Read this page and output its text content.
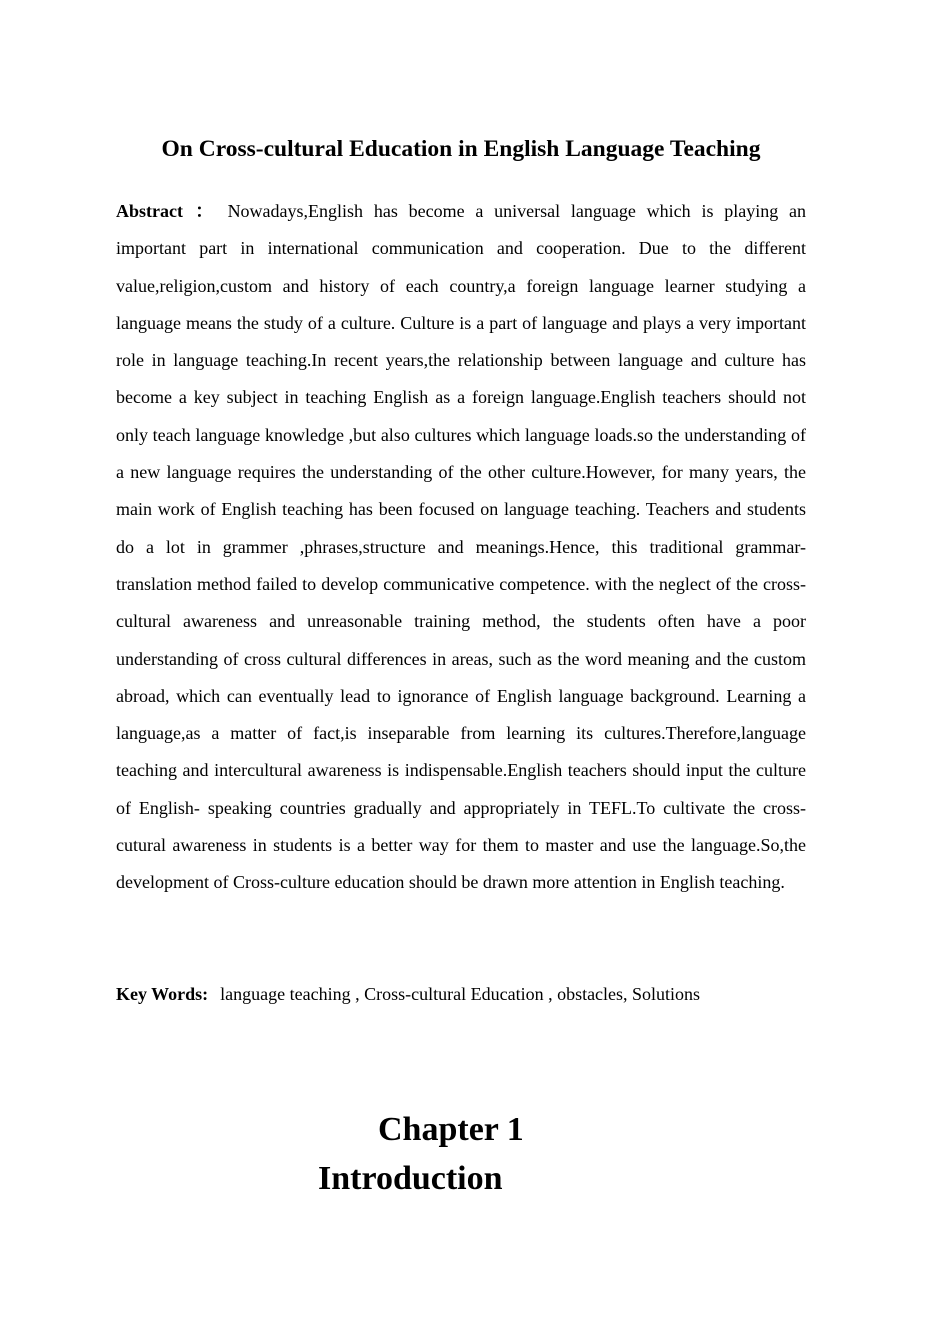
On Cross-cultural Education in English Language Teaching

Abstract ： Nowadays,English has become a universal language which is playing an important part in international communication and cooperation. Due to the different value,religion,custom and history of each country,a foreign language learner studying a language means the study of a culture. Culture is a part of language and plays a very important role in language teaching.In recent years,the relationship between language and culture has become a key subject in teaching English as a foreign language.English teachers should not only teach language knowledge ,but also cultures which language loads.so the understanding of a new language requires the understanding of the other culture.However, for many years, the main work of English teaching has been focused on language teaching. Teachers and students do a lot in grammer ,phrases,structure and meanings.Hence, this traditional grammar-translation method failed to develop communicative competence. with the neglect of the cross-cultural awareness and unreasonable training method, the students often have a poor understanding of cross cultural differences in areas, such as the word meaning and the custom abroad, which can eventually lead to ignorance of English language background. Learning a language,as a matter of fact,is inseparable from learning its cultures.Therefore,language teaching and intercultural awareness is indispensable.English teachers should input the culture of English- speaking countries gradually and appropriately in TEFL.To cultivate the cross-cutural awareness in students is a better way for them to master and use the language.So,the development of Cross-culture education should be drawn more attention in English teaching.

Key Words: language teaching , Cross-cultural Education , obstacles, Solutions

Chapter 1
Introduction
